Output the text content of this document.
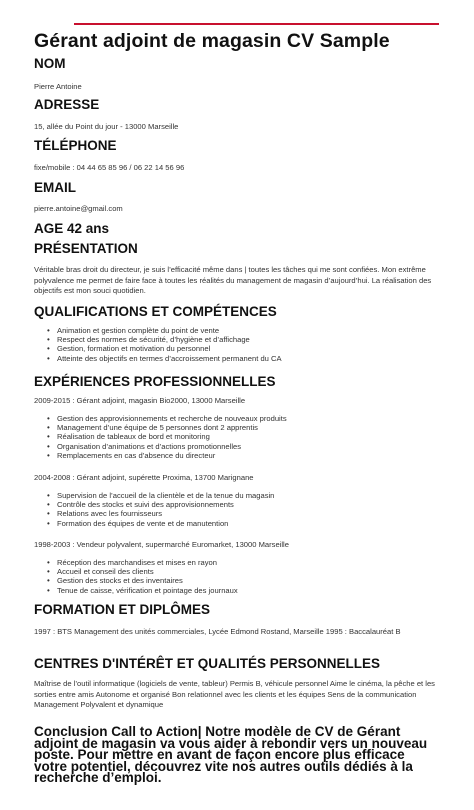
Gérant adjoint de magasin CV Sample
NOM
Pierre Antoine
ADRESSE
15, allée du Point du jour - 13000 Marseille
TÉLÉPHONE
fixe/mobile : 04 44 65 85 96 / 06 22 14 56 96
EMAIL
pierre.antoine@gmail.com
AGE 42 ans
PRÉSENTATION
Véritable bras droit du directeur, je suis l’efficacité même dans | toutes les tâches qui me sont confiées. Mon extrême polyvalence me permet de faire face à toutes les réalités du management de magasin d’aujourd’hui. La réalisation des objectifs est mon souci quotidien.
QUALIFICATIONS ET COMPÉTENCES
• Animation et gestion complète du point de vente
• Respect des normes de sécurité, d’hygiène et d’affichage
• Gestion, formation et motivation du personnel
• Atteinte des objectifs en termes d’accroissement permanent du CA
EXPÉRIENCES PROFESSIONNELLES
2009-2015 : Gérant adjoint, magasin Bio2000, 13000 Marseille
• Gestion des approvisionnements et recherche de nouveaux produits
• Management d’une équipe de 5 personnes dont 2 apprentis
• Réalisation de tableaux de bord et monitoring
• Organisation d’animations et d’actions promotionnelles
• Remplacements en cas d’absence du directeur
2004-2008 : Gérant adjoint, supérette Proxima, 13700 Marignane
• Supervision de l’accueil de la clientèle et de la tenue du magasin
• Contrôle des stocks et suivi des approvisionnements
• Relations avec les fournisseurs
• Formation des équipes de vente et de manutention
1998-2003 : Vendeur polyvalent, supermarché Euromarket, 13000 Marseille
• Réception des marchandises et mises en rayon
• Accueil et conseil des clients
• Gestion des stocks et des inventaires
• Tenue de caisse, vérification et pointage des journaux
FORMATION ET DIPLÔMES
1997 : BTS Management des unités commerciales, Lycée Edmond Rostand, Marseille 1995 : Baccalauréat B
CENTRES D'INTÉRÊT ET QUALITÉS PERSONNELLES
Maîtrise de l’outil informatique (logiciels de vente, tableur) Permis B, véhicule personnel Aime le cinéma, la pêche et les sorties entre amis Autonome et organisé Bon relationnel avec les clients et les équipes Sens de la communication Management Polyvalent et dynamique
Conclusion Call to Action| Notre modèle de CV de Gérant adjoint de magasin va vous aider à rebondir vers un nouveau poste. Pour mettre en avant de façon encore plus efficace votre potentiel, découvrez vite nos autres outils dédiés à la recherche d’emploi.
